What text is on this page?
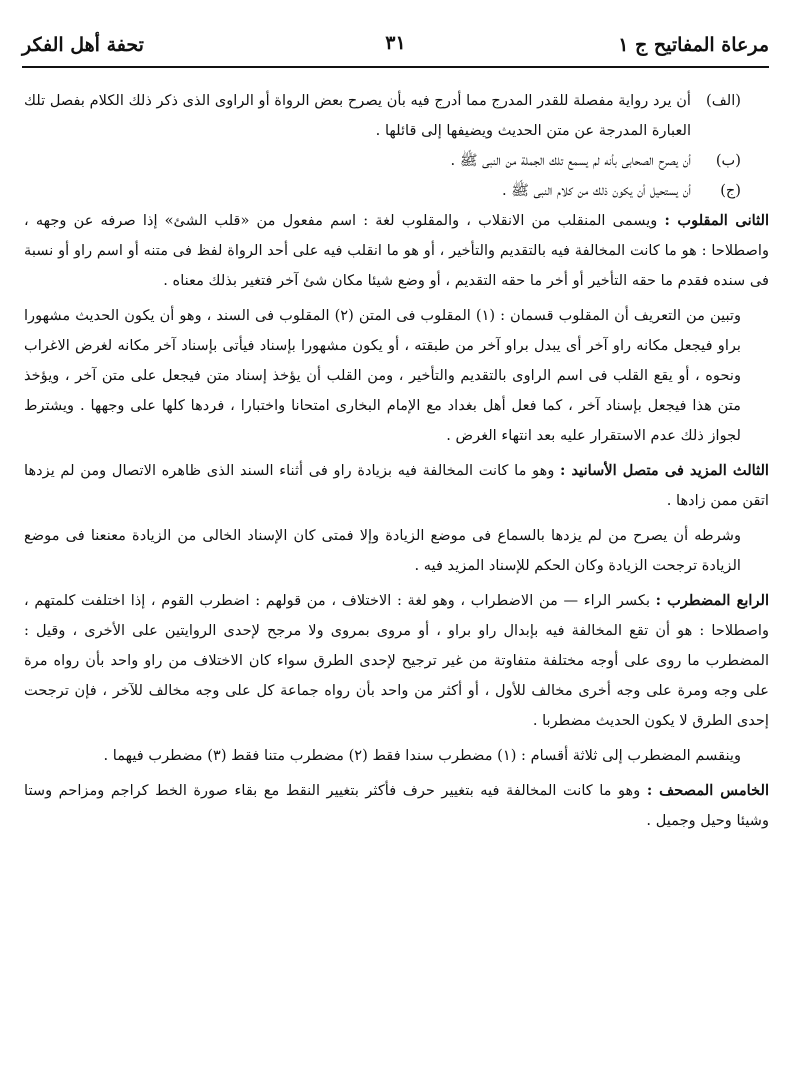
مرعاة المفاتيح ج ١
٣١
تحفة أهل الفكر
(الف)
أن يرد رواية مفصلة للقدر المدرج مما أدرج فيه بأن يصرح بعض الرواة أو الراوى الذى ذكر ذلك الكلام بفصل تلك العبارة المدرجة عن متن الحديث ويضيفها إلى قائلها .
(ب)
أن يصرح الصحابى بأنه لم يسمع تلك الجملة من النبى ﷺ .
(ج)
أن يستحيل أن يكون ذلك من كلام النبى ﷺ .

الثانى المقلوب : ويسمى المنقلب من الانقلاب ، والمقلوب لغة : اسم مفعول من «قلب الشئ» إذا صرفه عن وجهه ، واصطلاحا : هو ما كانت المخالفة فيه بالتقديم والتأخير ، أو هو ما انقلب فيه على أحد الرواة لفظ فى متنه أو اسم راو أو نسبة فى سنده فقدم ما حقه التأخير أو أخر ما حقه التقديم ، أو وضع شيئا مكان شئ آخر فتغير بذلك معناه .

وتبين من التعريف أن المقلوب قسمان : (١) المقلوب فى المتن (٢) المقلوب فى السند ، وهو أن يكون الحديث مشهورا براو فيجعل مكانه راو آخر أى يبدل براو آخر من طبقته ، أو يكون مشهورا بإسناد فيأتى بإسناد آخر مكانه لغرض الاغراب ونحوه ، أو يقع القلب فى اسم الراوى بالتقديم والتأخير ، ومن القلب أن يؤخذ إسناد متن فيجعل على متن آخر ، ويؤخذ متن هذا فيجعل بإسناد آخر ، كما فعل أهل بغداد مع الإمام البخارى امتحانا واختبارا ، فردها كلها على وجهها . ويشترط لجواز ذلك عدم الاستقرار عليه بعد انتهاء الغرض .

الثالث المزيد فى متصل الأسانيد : وهو ما كانت المخالفة فيه بزيادة راو فى أثناء السند الذى ظاهره الاتصال ومن لم يزدها اتقن ممن زادها .

وشرطه أن يصرح من لم يزدها بالسماع فى موضع الزيادة وإلا فمتى كان الإسناد الخالى من الزيادة معنعنا فى موضع الزيادة ترجحت الزيادة وكان الحكم للإسناد المزيد فيه .

الرابع المضطرب : بكسر الراء — من الاضطراب ، وهو لغة : الاختلاف ، من قولهم : اضطرب القوم ، إذا اختلفت كلمتهم ، واصطلاحا : هو أن تقع المخالفة فيه بإبدال راو براو ، أو مروى بمروى ولا مرجح لإحدى الروايتين على الأخرى ، وقيل : المضطرب ما روى على أوجه مختلفة متفاوتة من غير ترجيح لإحدى الطرق سواء كان الاختلاف من راو واحد بأن رواه مرة على وجه ومرة على وجه أخرى مخالف للأول ، أو أكثر من واحد بأن رواه جماعة كل على وجه مخالف للآخر ، فإن ترجحت إحدى الطرق لا يكون الحديث مضطربا .

وينقسم المضطرب إلى ثلاثة أقسام : (١) مضطرب سندا فقط (٢) مضطرب متنا فقط (٣) مضطرب فيهما .

الخامس المصحف : وهو ما كانت المخالفة فيه بتغيير حرف فأكثر بتغيير النقط مع بقاء صورة الخط كراجم ومزاحم وستا وشيئا وحيل وجميل .
